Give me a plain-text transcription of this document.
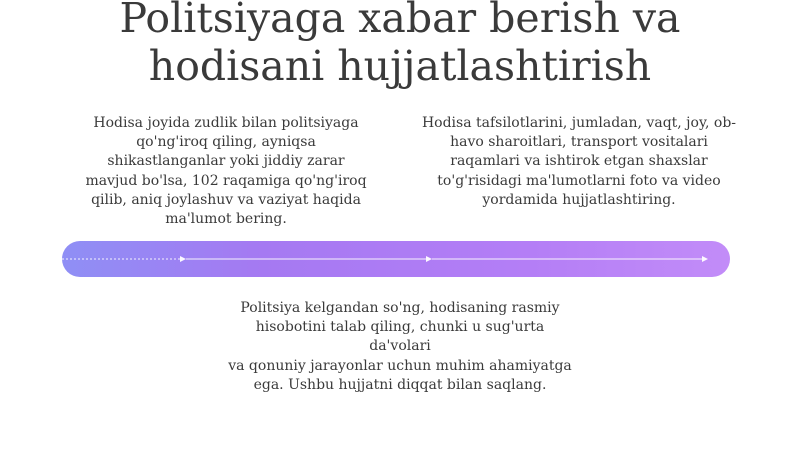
Politsiyaga xabar berish va
hodisani hujjatlashtirish

Hodisa joyida zudlik bilan politsiyaga
qo'ng'iroq qiling, ayniqsa
shikastlanganlar yoki jiddiy zarar
mavjud bo'lsa, 102 raqamiga qo'ng'iroq
qilib, aniq joylashuv va vaziyat haqida
ma'lumot bering.

Hodisa tafsilotlarini, jumladan, vaqt, joy, ob-
havo sharoitlari, transport vositalari
raqamlari va ishtirok etgan shaxslar
to'g'risidagi ma'lumotlarni foto va video
yordamida hujjatlashtiring.

Politsiya kelgandan so'ng, hodisaning rasmiy
hisobotini talab qiling, chunki u sug'urta da'volari
va qonuniy jarayonlar uchun muhim ahamiyatga
ega. Ushbu hujjatni diqqat bilan saqlang.
